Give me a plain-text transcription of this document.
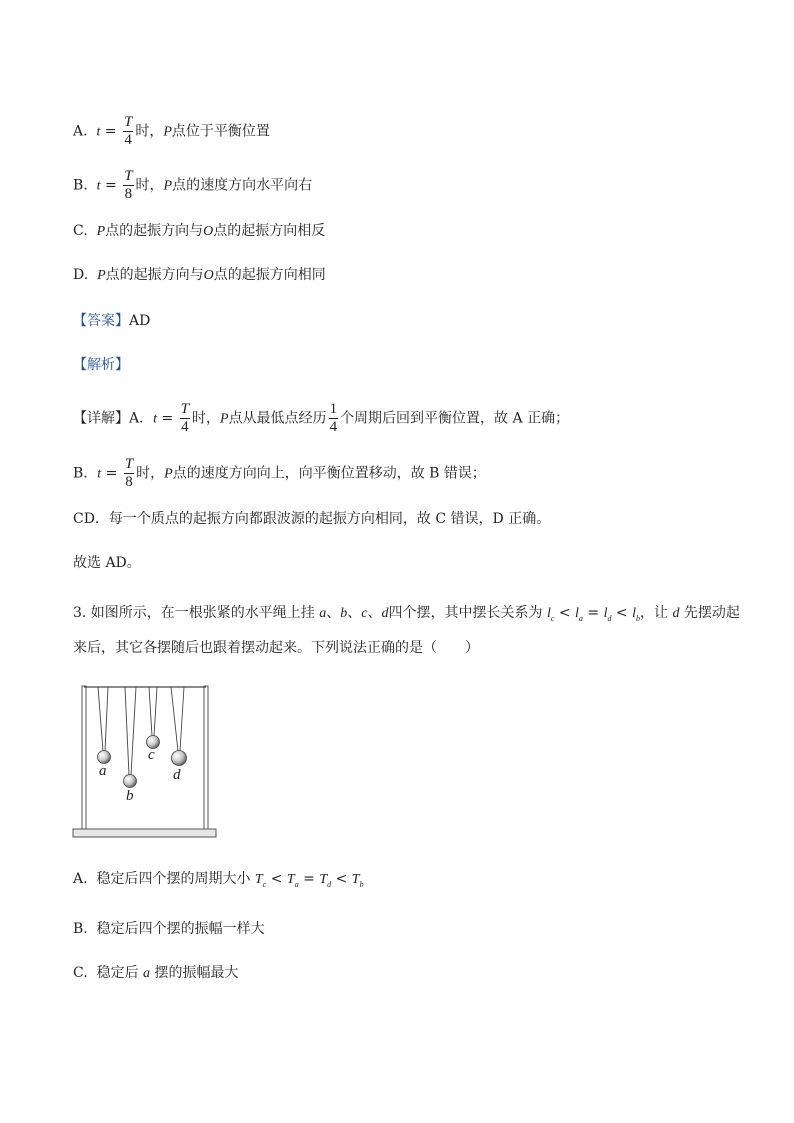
A. $t = \frac{T}{4}$ 时，P点位于平衡位置
B. $t = \frac{T}{8}$ 时，P点的速度方向水平向右
C. P点的起振方向与O点的起振方向相反
D. P点的起振方向与O点的起振方向相同
【答案】AD
【解析】
【详解】A．$t = \frac{T}{4}$ 时，P点从最低点经历 $\frac{1}{4}$ 个周期后回到平衡位置，故 A 正确；
B．$t = \frac{T}{8}$ 时，P点的速度方向向上，向平衡位置移动，故 B 错误；
CD．每一个质点的起振方向都跟波源的起振方向相同，故 C 错误，D 正确。
故选 AD。
3. 如图所示，在一根张紧的水平绳上挂 a、b、c、d四个摆，其中摆长关系为 $l_c < l_a = l_d < l_b$，让 d 先摆动起
来后，其它各摆随后也跟着摆动起来。下列说法正确的是（　　）
a
b
c
d
A. 稳定后四个摆的周期大小 $T_c < T_a = T_d < T_b$
B. 稳定后四个摆的振幅一样大
C. 稳定后 a 摆的振幅最大
